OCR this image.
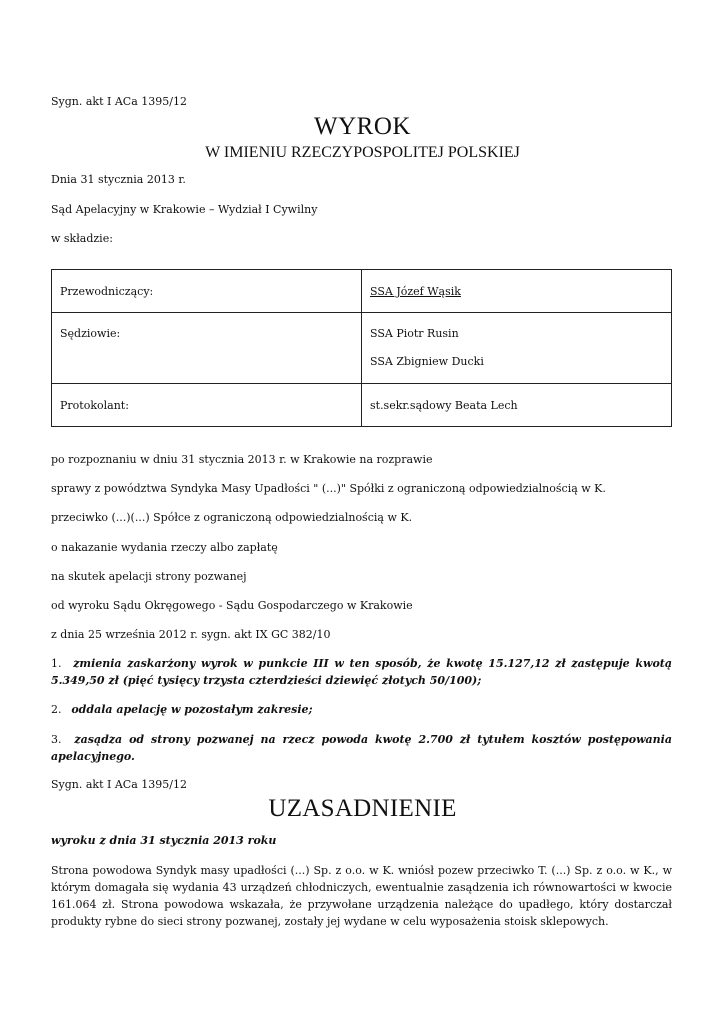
Sygn. akt I ACa 1395/12
WYROK
W IMIENIU RZECZYPOSPOLITEJ POLSKIEJ
Dnia 31 stycznia 2013 r.
Sąd Apelacyjny w Krakowie – Wydział I Cywilny
w składzie:
Przewodniczący:	SSA Józef Wąsik

Sędziowie:	SSA Piotr Rusin
SSA Zbigniew Ducki

Protokolant:	st.sekr.sądowy Beata Lech
po rozpoznaniu w dniu 31 stycznia 2013 r. w Krakowie na rozprawie
sprawy z powództwa Syndyka Masy Upadłości " (...)" Spółki z ograniczoną odpowiedzialnością w K.
przeciwko (...)(...) Spółce z ograniczoną odpowiedzialnością w K.
o nakazanie wydania rzeczy albo zapłatę
na skutek apelacji strony pozwanej
od wyroku Sądu Okręgowego - Sądu Gospodarczego w Krakowie
z dnia 25 września 2012 r. sygn. akt IX GC 382/10
1. zmienia zaskarżony wyrok w punkcie III w ten sposób, że kwotę 15.127,12 zł zastępuje kwotą 5.349,50 zł (pięć tysięcy trzysta czterdzieści dziewięć złotych 50/100);
2. oddala apelację w pozostałym zakresie;
3. zasądza od strony pozwanej na rzecz powoda kwotę 2.700 zł tytułem kosztów postępowania apelacyjnego.
Sygn. akt I ACa 1395/12
UZASADNIENIE
wyroku z dnia 31 stycznia 2013 roku
Strona powodowa Syndyk masy upadłości (...) Sp. z o.o. w K. wniósł pozew przeciwko T. (...) Sp. z o.o. w K., w którym domagała się wydania 43 urządzeń chłodniczych, ewentualnie zasądzenia ich równowartości w kwocie 161.064 zł. Strona powodowa wskazała, że przywołane urządzenia należące do upadłego, który dostarczał produkty rybne do sieci strony pozwanej, zostały jej wydane w celu wyposażenia stoisk sklepowych.
